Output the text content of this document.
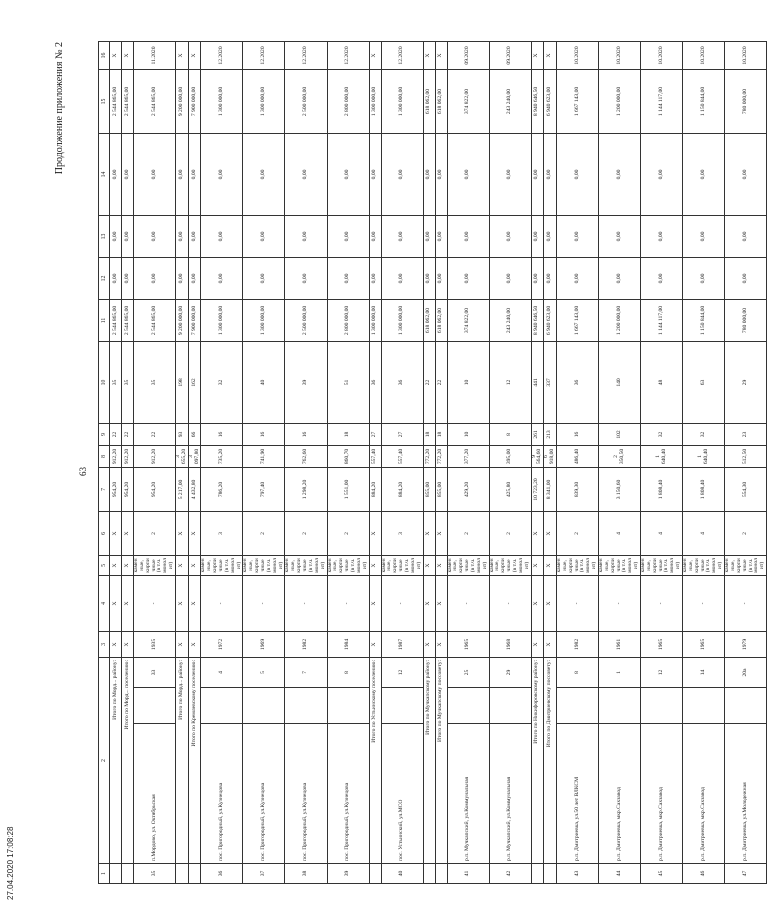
Продолжение приложения № 2
63
1	2			3	4	5	6	7	8	9	10	11	12	13	14	15	16
	Итого по Морд... району:			X	X	X	X	954,20	912,20	22	35	2 544 865,00	0,00	0,00	0,00	2 544 865,00	X
	Итого по Морд... поселению:			X	X	X	X	954,20	912,20	22	35	2 544 865,00	0,00	0,00	0,00	2 544 865,00	X
35	п.Мордово, ул. Октябрьская		33	1935	-	каменные, кирпичные (в т.ч. монолит)	2	954,20	912,20	22	35	2 544 865,00	0,00	0,00	0,00	2 544 865,00	11.2020
	Итого по Морд... району:			X	X	X	X	5 217,00	3 655,20	93	198	9 200 000,00	0,00	0,00	0,00	9 200 000,00	X
	Итого по Кремлевскому поселению:			X	X	X	X	4 432,80	3 097,80	66	162	7 900 000,00	0,00	0,00	0,00	7 900 000,00	X
36	пос. Пригородный, ул.Кузнецова		4	1972	-	каменные, кирпичные (в т.ч. монолит)	3	786,20	735,20	16	32	1 300 000,00	0,00	0,00	0,00	1 300 000,00	12.2020
37	пос. Пригородный, ул.Кузнецова		5	1969	-	каменные, кирпичные (в т.ч. монолит)	2	797,40	741,90	16	40	1 300 000,00	0,00	0,00	0,00	1 300 000,00	12.2020
38	пос. Пригородный, ул.Кузнецова		7	1982	-	каменные, кирпичные (в т.ч. монолит)	2	1 298,20	762,60	16	39	2 500 000,00	0,00	0,00	0,00	2 500 000,00	12.2020
39	пос. Пригородный, ул.Кузнецова		8	1984	-	каменные, кирпичные (в т.ч. монолит)	2	1 551,00	860,70	18	51	2 800 000,00	0,00	0,00	0,00	2 800 000,00	12.2020
	Итого по Устьинскому поселению:			X	X	X	X	884,20	557,40	27	36	1 300 000,00	0,00	0,00	0,00	1 300 000,00	X
40	пос. Устьинский, ул.МСО		12	1987	-	каменные, кирпичные (в т.ч. монолит)	3	884,20	557,40	27	36	1 300 000,00	0,00	0,00	0,00	1 300 000,00	12.2020
	Итого по Мучкапскому району:			X	X	X	X	855,00	772,20	18	22	618 062,00	0,00	0,00	0,00	618 062,00	X
	Итого по Мучкапскому поссовету:			X	X	X	X	855,00	772,20	18	22	618 062,00	0,00	0,00	0,00	618 062,00	X
41	р.п. Мучкапский, ул.Коммунальная		25	1965	-	каменные, кирпичные (в т.ч. монолит)	2	429,20	377,20	10	10	374 822,00	0,00	0,00	0,00	374 822,00	09.2020
42	р.п. Мучкапский, ул.Коммунальная		29	1968	-	каменные, кирпичные (в т.ч. монолит)	2	425,80	395,00	8	12	243 240,00	0,00	0,00	0,00	243 240,00	09.2020
	Итого по Никифоровскому району:			X	X	X	X	10 723,20	9 564,60	261	441	8 940 646,50	0,00	0,00	0,00	8 940 646,50	X
	Итого по Дмитриевскому поссовету:			X	X	X	X	8 341,00	6 918,00	213	337	6 940 623,00	0,00	0,00	0,00	6 940 623,00	X
43	р.п. Дмитриевка, ул.50 лет ВЛКСМ		8	1982	-	каменные, кирпичные (в т.ч. монолит)	2	839,30	486,40	16	36	1 667 143,00	0,00	0,00	0,00	1 667 143,00	10.2020
44	р.п. Дмитриевка, мкр.Сахзавод		1	1961	-	каменные, кирпичные (в т.ч. монолит)	4	3 150,60	2 350,50	102	140	1 200 000,00	0,00	0,00	0,00	1 200 000,00	10.2020
45	р.п. Дмитриевка, мкр.Сахзавод		12	1965	-	каменные, кирпичные (в т.ч. монолит)	4	1 808,40	1 640,40	32	48	1 144 117,00	0,00	0,00	0,00	1 144 117,00	10.2020
46	р.п. Дмитриевка, мкр.Сахзавод		14	1965	-	каменные, кирпичные (в т.ч. монолит)	4	1 808,40	1 640,40	32	63	1 150 844,00	0,00	0,00	0,00	1 150 844,00	10.2020
47	р.п. Дмитриевка, ул.Молодежная		20а	1979	-	каменные, кирпичные (в т.ч. монолит)	2	554,30	512,50	23	29	780 000,00	0,00	0,00	0,00	780 000,00	10.2020
27.04.2020 17:08:28
